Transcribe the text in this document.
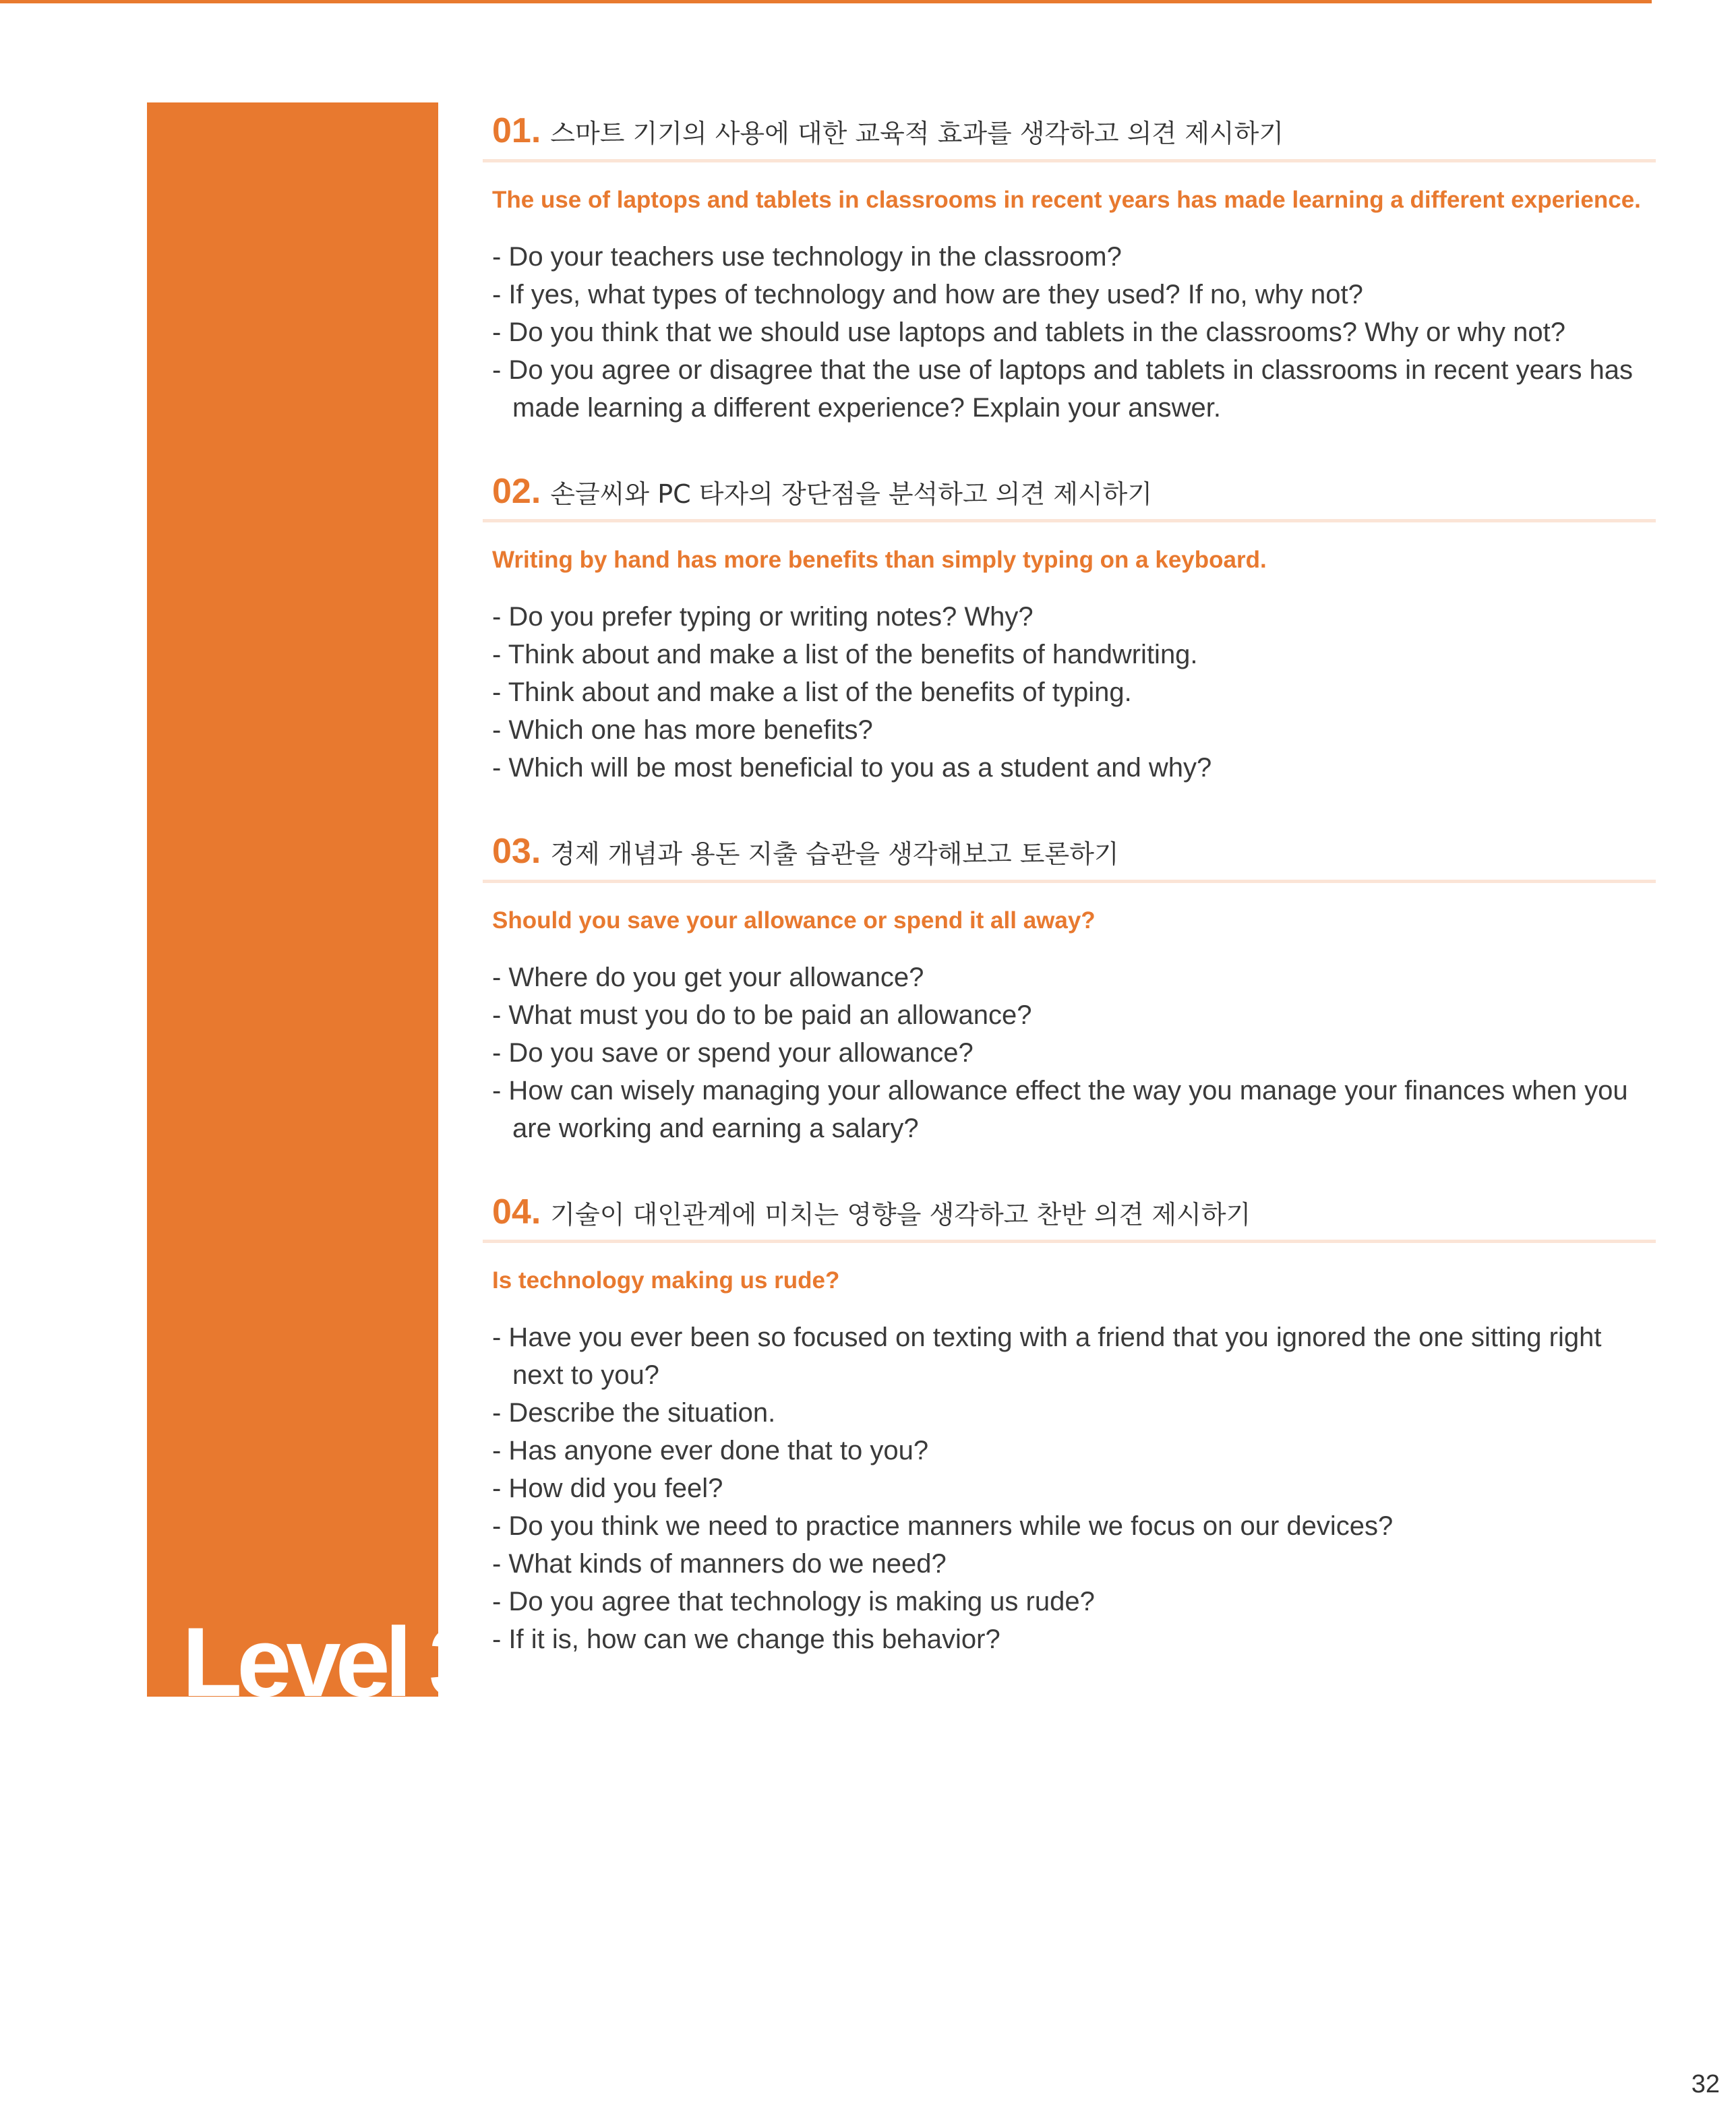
Level 3
01. 스마트 기기의 사용에 대한 교육적 효과를 생각하고 의견 제시하기
The use of laptops and tablets in classrooms in recent years has made learning a different experience.
- Do your teachers use technology in the classroom?
- If yes, what types of technology and how are they used? If no, why not?
- Do you think that we should use laptops and tablets in the classrooms? Why or why not?
- Do you agree or disagree that the use of laptops and tablets in classrooms in recent years has made learning a different experience? Explain your answer.
02. 손글씨와 PC 타자의 장단점을 분석하고 의견 제시하기
Writing by hand has more benefits than simply typing on a keyboard.
- Do you prefer typing or writing notes? Why?
- Think about and make a list of the benefits of handwriting.
- Think about and make a list of the benefits of typing.
- Which one has more benefits?
- Which will be most beneficial to you as a student and why?
03. 경제 개념과 용돈 지출 습관을 생각해보고 토론하기
Should you save your allowance or spend it all away?
- Where do you get your allowance?
- What must you do to be paid an allowance?
- Do you save or spend your allowance?
- How can wisely managing your allowance effect the way you manage your finances when you are working and earning a salary?
04. 기술이 대인관계에 미치는 영향을 생각하고 찬반 의견 제시하기
Is technology making us rude?
- Have you ever been so focused on texting with a friend that you ignored the one sitting right next to you?
- Describe the situation.
- Has anyone ever done that to you?
- How did you feel?
- Do you think we need to practice manners while we focus on our devices?
- What kinds of manners do we need?
- Do you agree that technology is making us rude?
- If it is, how can we change this behavior?
32
